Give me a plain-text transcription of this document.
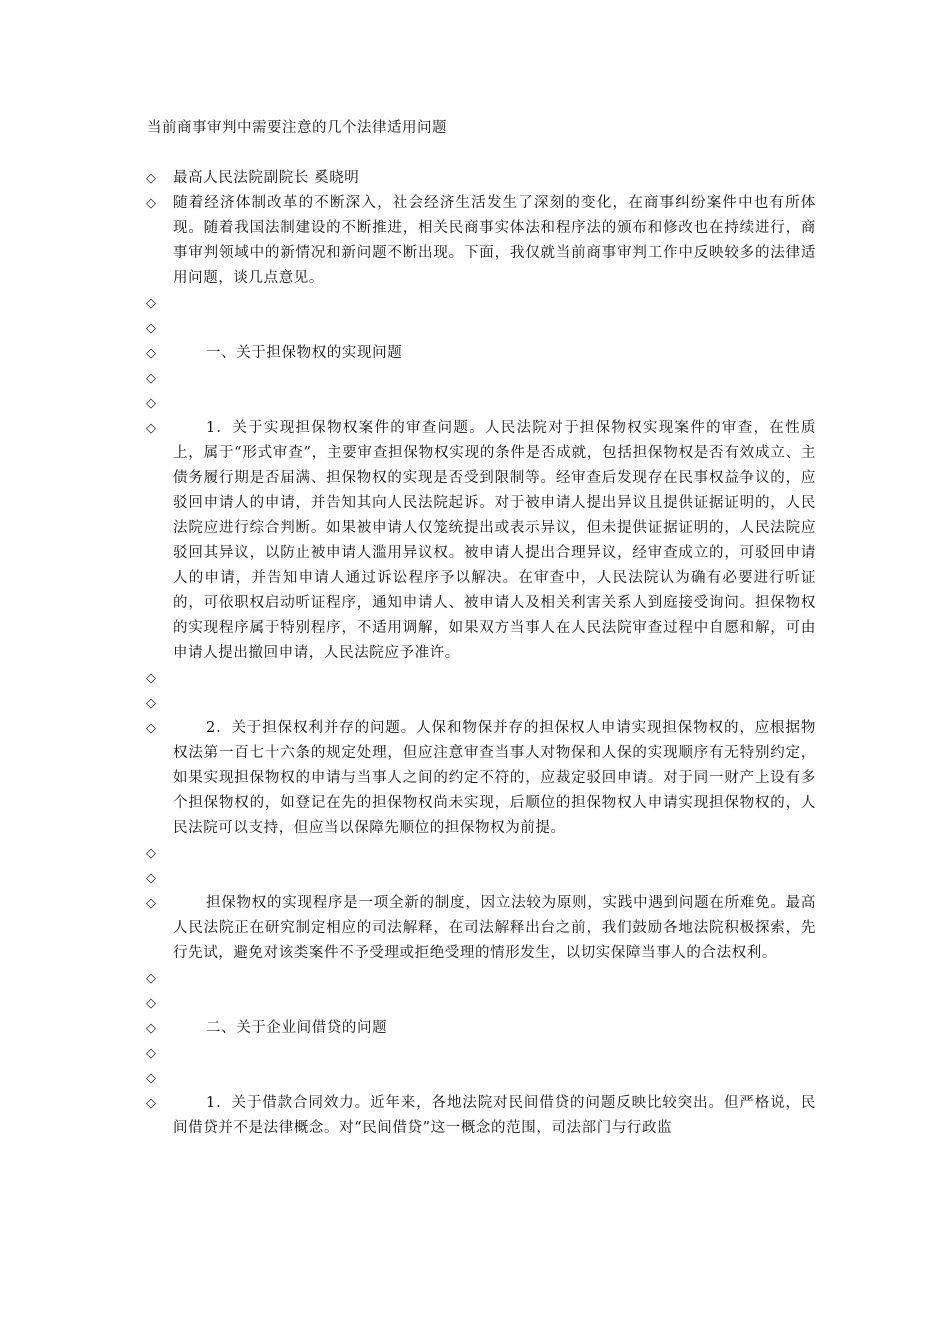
当前商事审判中需要注意的几个法律适用问题
◇	最高人民法院副院长 奚晓明
◇	随着经济体制改革的不断深入，社会经济生活发生了深刻的变化，在商事纠纷案件中也有所体现。随着我国法制建设的不断推进，相关民商事实体法和程序法的颁布和修改也在持续进行，商事审判领域中的新情况和新问题不断出现。下面，我仅就当前商事审判工作中反映较多的法律适用问题，谈几点意见。
◇
◇
◇	一、关于担保物权的实现问题
◇
◇
◇	1．关于实现担保物权案件的审查问题。人民法院对于担保物权实现案件的审查，在性质上，属于“形式审查”，主要审查担保物权实现的条件是否成就，包括担保物权是否有效成立、主债务履行期是否届满、担保物权的实现是否受到限制等。经审查后发现存在民事权益争议的，应驳回申请人的申请，并告知其向人民法院起诉。对于被申请人提出异议且提供证据证明的，人民法院应进行综合判断。如果被申请人仅笼统提出或表示异议，但未提供证据证明的，人民法院应驳回其异议，以防止被申请人滥用异议权。被申请人提出合理异议，经审查成立的，可驳回申请人的申请，并告知申请人通过诉讼程序予以解决。在审查中，人民法院认为确有必要进行听证的，可依职权启动听证程序，通知申请人、被申请人及相关利害关系人到庭接受询问。担保物权的实现程序属于特别程序，不适用调解，如果双方当事人在人民法院审查过程中自愿和解，可由申请人提出撤回申请，人民法院应予准许。
◇
◇
◇	2．关于担保权利并存的问题。人保和物保并存的担保权人申请实现担保物权的，应根据物权法第一百七十六条的规定处理，但应注意审查当事人对物保和人保的实现顺序有无特别约定，如果实现担保物权的申请与当事人之间的约定不符的，应裁定驳回申请。对于同一财产上设有多个担保物权的，如登记在先的担保物权尚未实现，后顺位的担保物权人申请实现担保物权的，人民法院可以支持，但应当以保障先顺位的担保物权为前提。
◇
◇
◇	担保物权的实现程序是一项全新的制度，因立法较为原则，实践中遇到问题在所难免。最高人民法院正在研究制定相应的司法解释，在司法解释出台之前，我们鼓励各地法院积极探索，先行先试，避免对该类案件不予受理或拒绝受理的情形发生，以切实保障当事人的合法权利。
◇
◇
◇	二、关于企业间借贷的问题
◇
◇
◇	1．关于借款合同效力。近年来，各地法院对民间借贷的问题反映比较突出。但严格说，民间借贷并不是法律概念。对“民间借贷”这一概念的范围，司法部门与行政监
